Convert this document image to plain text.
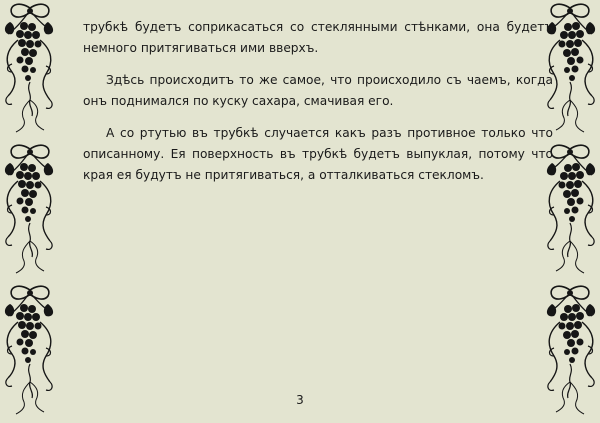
трубкѣ будетъ соприкасаться со стеклянными стѣнками, она будетъ немного притягиваться ими вверхъ.

Здѣсь происходитъ то же самое, что происходило съ чаемъ, когда онъ поднимался по куску сахара, смачивая его.

А со ртутью въ трубкѣ случается какъ разъ противное только что описанному. Ея поверхность въ трубкѣ будетъ выпуклая, потому что края ея будутъ не притягиваться, а отталкиваться стекломъ.

3
